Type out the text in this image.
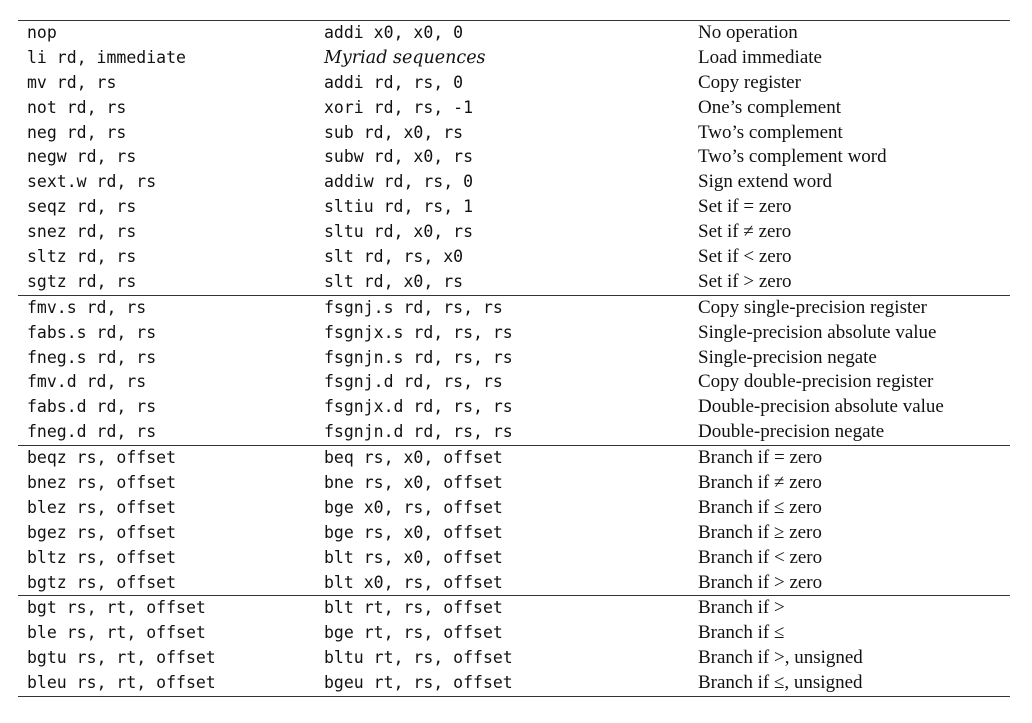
nop	addi x0, x0, 0	No operation
li rd, immediate	Myriad sequences	Load immediate
mv rd, rs	addi rd, rs, 0	Copy register
not rd, rs	xori rd, rs, -1	One’s complement
neg rd, rs	sub rd, x0, rs	Two’s complement
negw rd, rs	subw rd, x0, rs	Two’s complement word
sext.w rd, rs	addiw rd, rs, 0	Sign extend word
seqz rd, rs	sltiu rd, rs, 1	Set if = zero
snez rd, rs	sltu rd, x0, rs	Set if ≠ zero
sltz rd, rs	slt rd, rs, x0	Set if < zero
sgtz rd, rs	slt rd, x0, rs	Set if > zero
fmv.s rd, rs	fsgnj.s rd, rs, rs	Copy single-precision register
fabs.s rd, rs	fsgnjx.s rd, rs, rs	Single-precision absolute value
fneg.s rd, rs	fsgnjn.s rd, rs, rs	Single-precision negate
fmv.d rd, rs	fsgnj.d rd, rs, rs	Copy double-precision register
fabs.d rd, rs	fsgnjx.d rd, rs, rs	Double-precision absolute value
fneg.d rd, rs	fsgnjn.d rd, rs, rs	Double-precision negate
beqz rs, offset	beq rs, x0, offset	Branch if = zero
bnez rs, offset	bne rs, x0, offset	Branch if ≠ zero
blez rs, offset	bge x0, rs, offset	Branch if ≤ zero
bgez rs, offset	bge rs, x0, offset	Branch if ≥ zero
bltz rs, offset	blt rs, x0, offset	Branch if < zero
bgtz rs, offset	blt x0, rs, offset	Branch if > zero
bgt rs, rt, offset	blt rt, rs, offset	Branch if >
ble rs, rt, offset	bge rt, rs, offset	Branch if ≤
bgtu rs, rt, offset	bltu rt, rs, offset	Branch if >, unsigned
bleu rs, rt, offset	bgeu rt, rs, offset	Branch if ≤, unsigned
